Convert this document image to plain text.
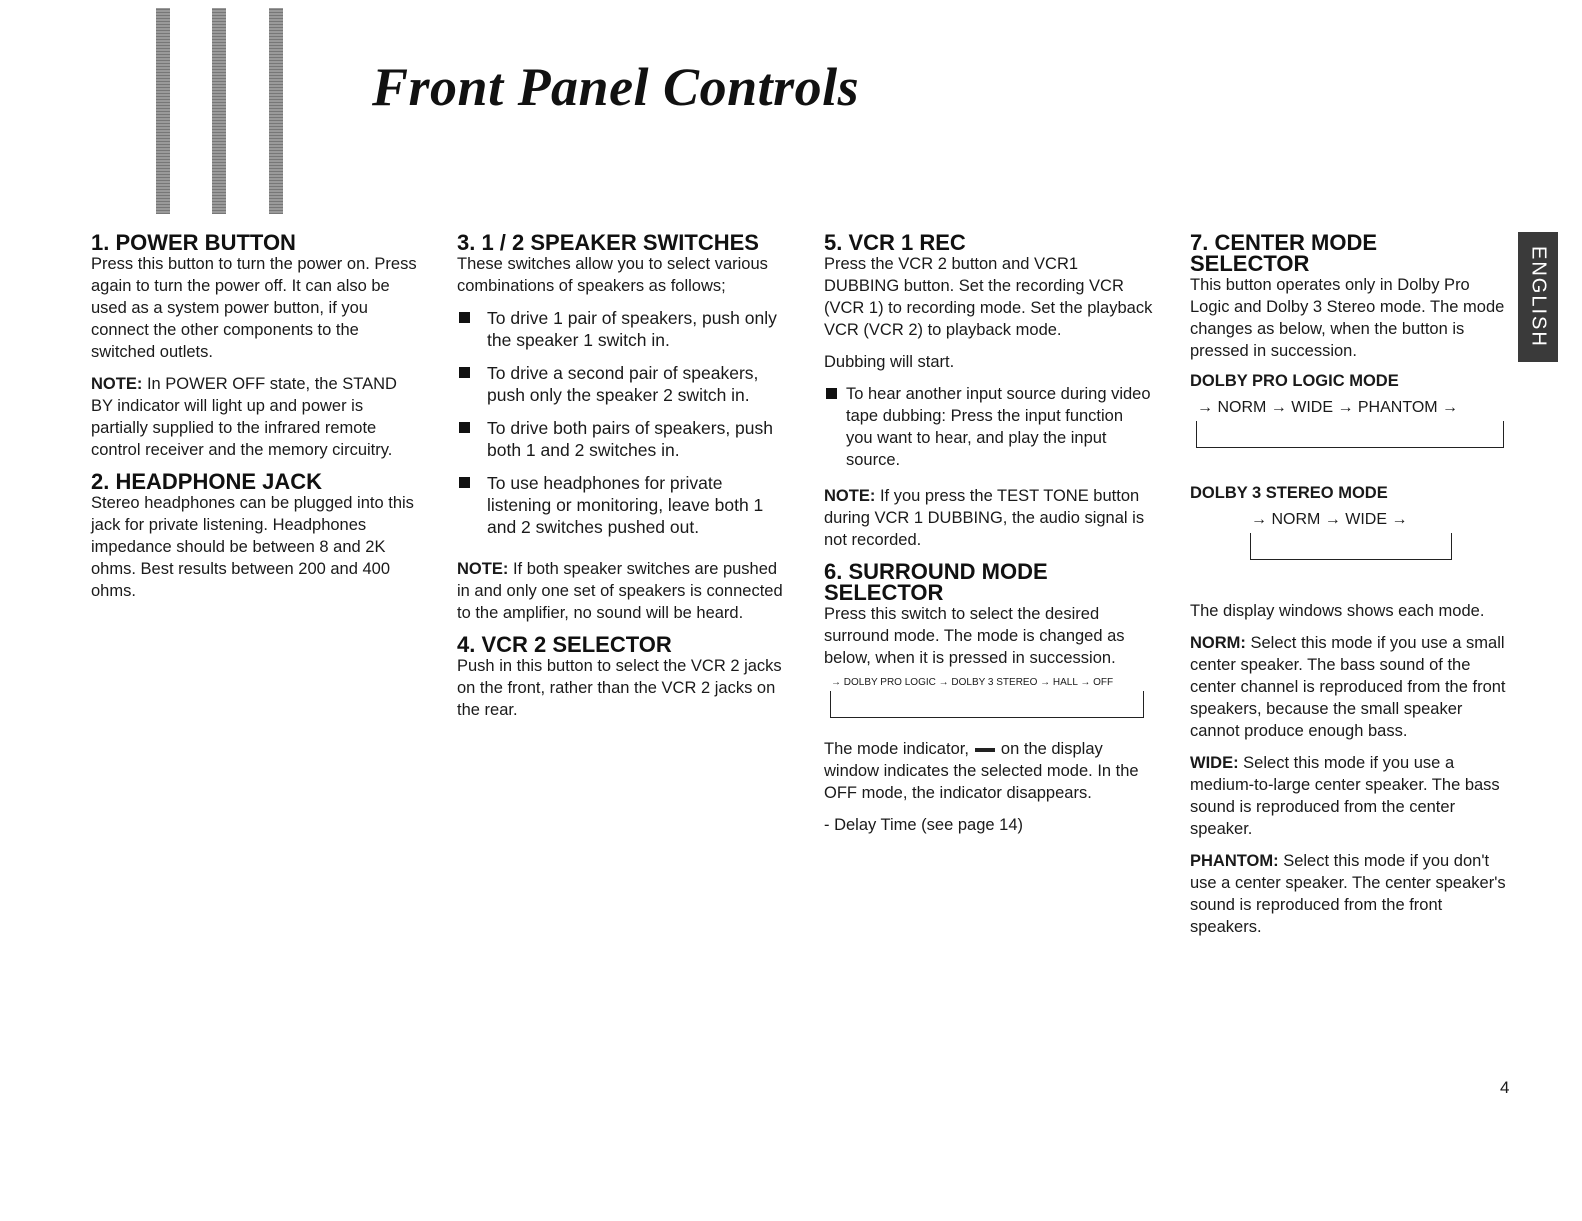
Front Panel Controls
1. POWER BUTTON

Press this button to turn the power on. Press again to turn the power off. It can also be used as a system power button, if you connect the other components to the switched outlets.

NOTE: In POWER OFF state, the STAND BY indicator will light up and power is partially supplied to the infrared remote control receiver and the memory circuitry.

2. HEADPHONE JACK

Stereo headphones can be plugged into this jack for private listening. Headphones impedance should be between 8 and 2K ohms. Best results between 200 and 400 ohms.

3. 1 / 2 SPEAKER SWITCHES

These switches allow you to select various combinations of speakers as follows;

To drive 1 pair of speakers, push only the speaker 1 switch in.
To drive a second pair of speakers, push only the speaker 2 switch in.
To drive both pairs of speakers, push both 1 and 2 switches in.
To use headphones for private listening or monitoring, leave both 1 and 2 switches pushed out.

NOTE: If both speaker switches are pushed in and only one set of speakers is connected to the amplifier, no sound will be heard.

4. VCR 2 SELECTOR

Push in this button to select the VCR 2 jacks on the front, rather than the VCR 2 jacks on the rear.

5. VCR 1 REC

Press the VCR 2 button and VCR1 DUBBING button. Set the recording VCR (VCR 1) to recording mode. Set the playback VCR (VCR 2) to playback mode.

Dubbing will start.

To hear another input source during video tape dubbing: Press the input function you want to hear, and play the input source.

NOTE: If you press the TEST TONE button during VCR 1 DUBBING, the audio signal is not recorded.

6. SURROUND MODE
SELECTOR

Press this switch to select the desired surround mode. The mode is changed as below, when it is pressed in succession.

→ DOLBY PRO LOGIC → DOLBY 3 STEREO → HALL → OFF

The mode indicator, on the display window indicates the selected mode. In the OFF mode, the indicator disappears.

- Delay Time (see page 14)

7. CENTER MODE
SELECTOR

This button operates only in Dolby Pro Logic and Dolby 3 Stereo mode. The mode changes as below, when the button is pressed in succession.

DOLBY PRO LOGIC MODE
→ NORM → WIDE → PHANTOM →
DOLBY 3 STEREO MODE
→ NORM → WIDE →

The display windows shows each mode.

NORM: Select this mode if you use a small center speaker. The bass sound of the center channel is reproduced from the front speakers, because the small speaker cannot produce enough bass.

WIDE: Select this mode if you use a medium-to-large center speaker. The bass sound is reproduced from the center speaker.

PHANTOM: Select this mode if you don't use a center speaker. The center speaker's sound is reproduced from the front speakers.

ENGLISH
4
